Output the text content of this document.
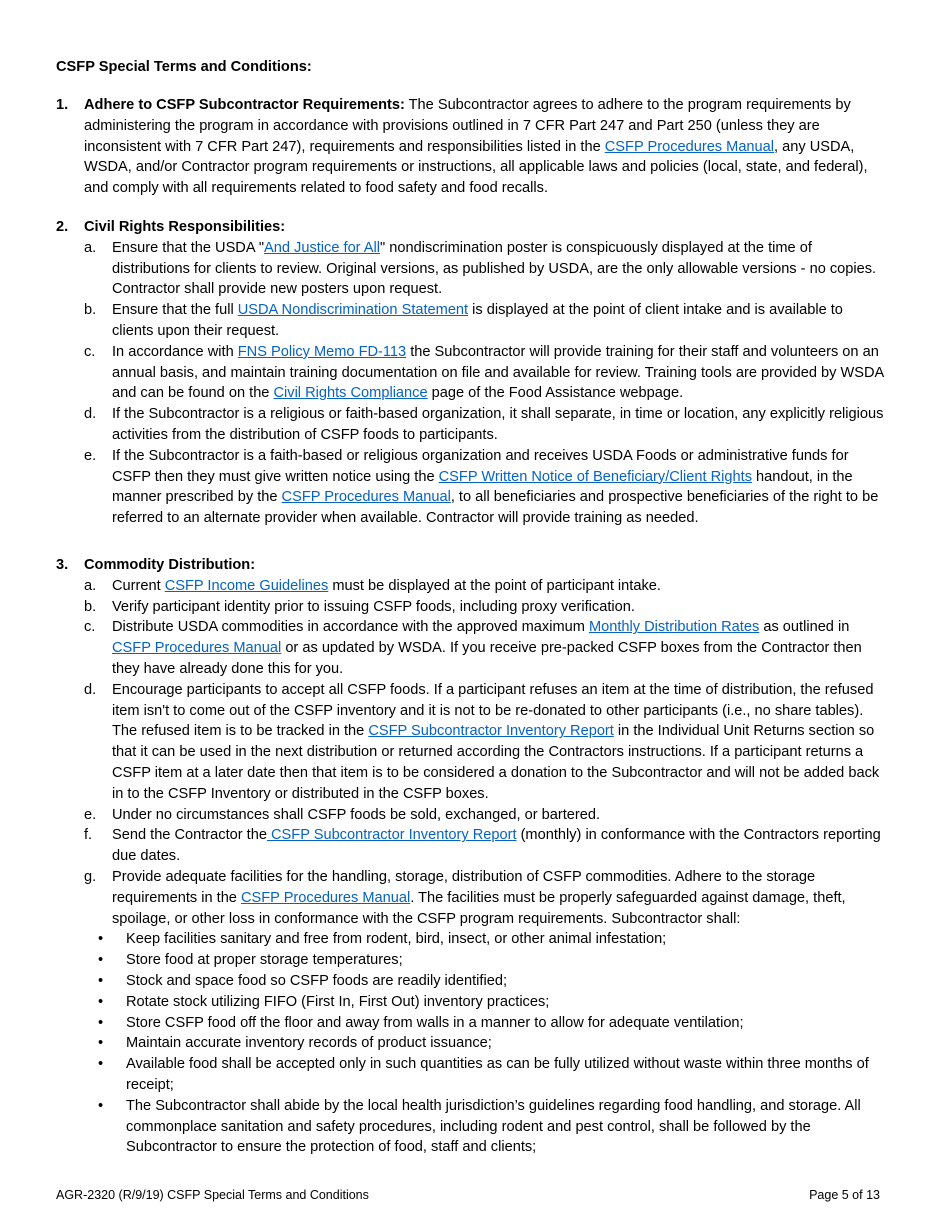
CSFP Special Terms and Conditions:
1. Adhere to CSFP Subcontractor Requirements: The Subcontractor agrees to adhere to the program requirements by administering the program in accordance with provisions outlined in 7 CFR Part 247 and Part 250 (unless they are inconsistent with 7 CFR Part 247), requirements and responsibilities listed in the CSFP Procedures Manual, any USDA, WSDA, and/or Contractor program requirements or instructions, all applicable laws and policies (local, state, and federal), and comply with all requirements related to food safety and food recalls.
2. Civil Rights Responsibilities:
a. Ensure that the USDA "And Justice for All" nondiscrimination poster is conspicuously displayed at the time of distributions for clients to review. Original versions, as published by USDA, are the only allowable versions - no copies. Contractor shall provide new posters upon request.
b. Ensure that the full USDA Nondiscrimination Statement is displayed at the point of client intake and is available to clients upon their request.
c. In accordance with FNS Policy Memo FD-113 the Subcontractor will provide training for their staff and volunteers on an annual basis, and maintain training documentation on file and available for review. Training tools are provided by WSDA and can be found on the Civil Rights Compliance page of the Food Assistance webpage.
d. If the Subcontractor is a religious or faith-based organization, it shall separate, in time or location, any explicitly religious activities from the distribution of CSFP foods to participants.
e. If the Subcontractor is a faith-based or religious organization and receives USDA Foods or administrative funds for CSFP then they must give written notice using the CSFP Written Notice of Beneficiary/Client Rights handout, in the manner prescribed by the CSFP Procedures Manual, to all beneficiaries and prospective beneficiaries of the right to be referred to an alternate provider when available. Contractor will provide training as needed.
3. Commodity Distribution:
a. Current CSFP Income Guidelines must be displayed at the point of participant intake.
b. Verify participant identity prior to issuing CSFP foods, including proxy verification.
c. Distribute USDA commodities in accordance with the approved maximum Monthly Distribution Rates as outlined in CSFP Procedures Manual or as updated by WSDA. If you receive pre-packed CSFP boxes from the Contractor then they have already done this for you.
d. Encourage participants to accept all CSFP foods. If a participant refuses an item at the time of distribution, the refused item isn't to come out of the CSFP inventory and it is not to be re-donated to other participants (i.e., no share tables). The refused item is to be tracked in the CSFP Subcontractor Inventory Report in the Individual Unit Returns section so that it can be used in the next distribution or returned according the Contractors instructions. If a participant returns a CSFP item at a later date then that item is to be considered a donation to the Subcontractor and will not be added back in to the CSFP Inventory or distributed in the CSFP boxes.
e. Under no circumstances shall CSFP foods be sold, exchanged, or bartered.
f. Send the Contractor the CSFP Subcontractor Inventory Report (monthly) in conformance with the Contractors reporting due dates.
g. Provide adequate facilities for the handling, storage, distribution of CSFP commodities. Adhere to the storage requirements in the CSFP Procedures Manual. The facilities must be properly safeguarded against damage, theft, spoilage, or other loss in conformance with the CSFP program requirements. Subcontractor shall:
• Keep facilities sanitary and free from rodent, bird, insect, or other animal infestation;
• Store food at proper storage temperatures;
• Stock and space food so CSFP foods are readily identified;
• Rotate stock utilizing FIFO (First In, First Out) inventory practices;
• Store CSFP food off the floor and away from walls in a manner to allow for adequate ventilation;
• Maintain accurate inventory records of product issuance;
• Available food shall be accepted only in such quantities as can be fully utilized without waste within three months of receipt;
• The Subcontractor shall abide by the local health jurisdiction’s guidelines regarding food handling, and storage. All commonplace sanitation and safety procedures, including rodent and pest control, shall be followed by the Subcontractor to ensure the protection of food, staff and clients;
AGR-2320 (R/9/19) CSFP Special Terms and Conditions	Page 5 of 13
